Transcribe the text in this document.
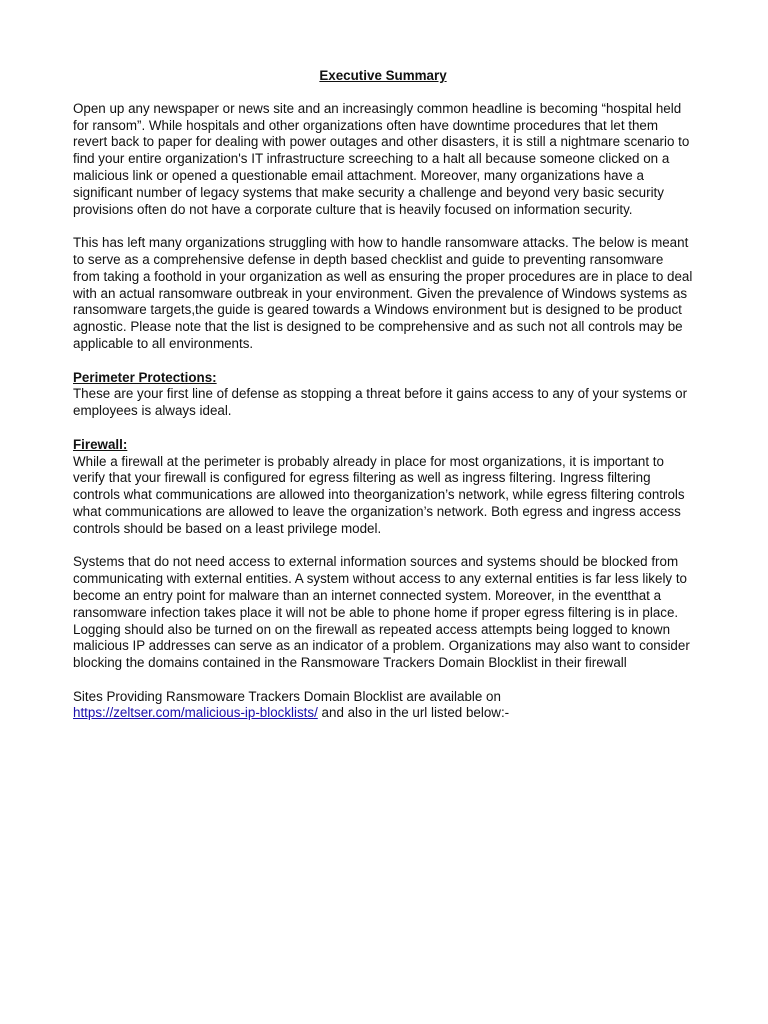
Executive Summary

Open up any newspaper or news site and an increasingly common headline is becoming “hospital held for ransom”. While hospitals and other organizations often have downtime procedures that let them revert back to paper for dealing with power outages and other disasters, it is still a nightmare scenario to find your entire organization's IT infrastructure screeching to a halt all because someone clicked on a malicious link or opened a questionable email attachment. Moreover, many organizations have a significant number of legacy systems that make security a challenge and beyond very basic security provisions often do not have a corporate culture that is heavily focused on information security.

This has left many organizations struggling with how to handle ransomware attacks. The below is meant to serve as a comprehensive defense in depth based checklist and guide to preventing ransomware from taking a foothold in your organization as well as ensuring the proper procedures are in place to deal with an actual ransomware outbreak in your environment. Given the prevalence of Windows systems as ransomware targets,the guide is geared towards a Windows environment but is designed to be product agnostic. Please note that the list is designed to be comprehensive and as such not all controls may be applicable to all environments.

Perimeter Protections:
These are your first line of defense as stopping a threat before it gains access to any of your systems or employees is always ideal.

Firewall:
While a firewall at the perimeter is probably already in place for most organizations, it is important to verify that your firewall is configured for egress filtering as well as ingress filtering. Ingress filtering controls what communications are allowed into theorganization’s network, while egress filtering controls what communications are allowed to leave the organization’s network. Both egress and ingress access controls should be based on a least privilege model.

Systems that do not need access to external information sources and systems should be blocked from communicating with external entities. A system without access to any external entities is far less likely to become an entry point for malware than an internet connected system. Moreover, in the eventthat a ransomware infection takes place it will not be able to phone home if proper egress filtering is in place. Logging should also be turned on on the firewall as repeated access attempts being logged to known malicious IP addresses can serve as an indicator of a problem. Organizations may also want to consider blocking the domains contained in the Ransmoware Trackers Domain Blocklist in their firewall

Sites Providing Ransmoware Trackers Domain Blocklist are available on
https://zeltser.com/malicious-ip-blocklists/ and also in the url listed below:-
